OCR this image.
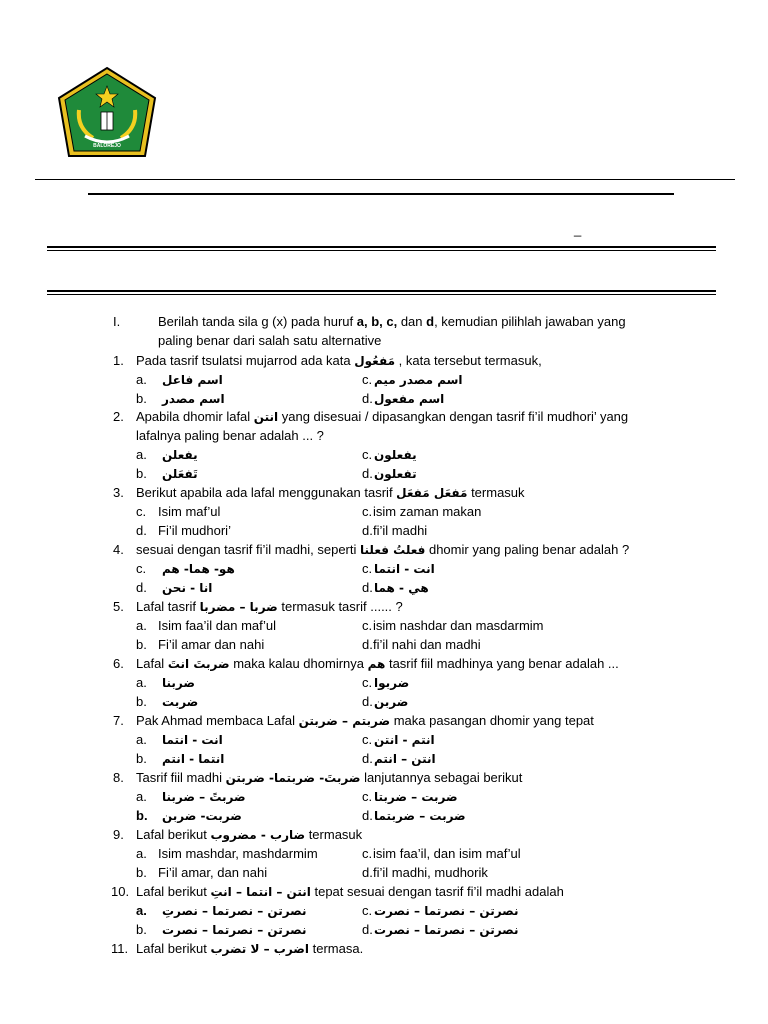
BALOREJO
_
I.	Berilah tanda sila g (x) pada huruf a, b, c, dan d, kemudian pilihlah jawaban yang
paling benar dari salah satu alternative
1. Pada tasrif tsulatsi mujarrod ada kata مَفعُول , kata tersebut termasuk,
a. اسم فاعل	c. اسم مصدر ميم
b. اسم مصدر	d. اسم مفعول
2. Apabila dhomir lafal انتن yang disesuai / dipasangkan dengan tasrif fi’il mudhori’ yang
lafalnya paling benar adalah ... ?
a. يفعلن	c. يفعلون
b. تَفعَلن	d. تفعلون
3. Berikut apabila ada lafal menggunakan tasrif مَفعَل مَفعَل termasuk
c. Isim maf’ul	c. isim zaman makan
d. Fi’il mudhori’	d. fi’il madhi
4. sesuai dengan tasrif fi’il madhi, seperti فعلتُ فعلنا dhomir yang paling benar adalah ?
c. هو- هما- هم	c. انت - انتما
d. انا - نحن	d. هي - هما
5. Lafal tasrif ضربا – مضربا termasuk tasrif ...... ?
a. Isim faa’il dan maf’ul	c. isim nashdar dan masdarmim
b. Fi’il amar dan nahi	d. fi’il nahi dan madhi
6. Lafal ضربتَ انتَ maka kalau dhomirnya هم tasrif fiil madhinya yang benar adalah ...
a. ضربنا	c. ضربوا
b. ضربت	d. ضربن
7. Pak Ahmad membaca Lafal ضربتم – ضربتن maka pasangan dhomir yang tepat
a. انت - انتما	c. انتم - انتن
b. انتما - انتم	d. انتن – انتم
8. Tasrif fiil madhi ضربتَ- ضربتما- ضربتن lanjutannya sebagai berikut
a. ضربتً – ضربنا	c. ضربت – ضربتا
b. ضربت- ضربن	d. ضربت – ضربتما
9. Lafal berikut ضارب - مضروب termasuk
a. Isim mashdar, mashdarmim	c. isim faa’il, dan isim maf’ul
b. Fi’il amar, dan nahi	d. fi’il madhi, mudhorik
10. Lafal berikut انتن – انتما – انتِ tepat sesuai dengan tasrif fi’il madhi adalah
a. نصرتن – نصرتما – نصرتِ	c. نصرتن – نصرتما – نصرت
b. نصرتن – نصرتما – نصرت	d. نصرتن – نصرتما – نصرت
11. Lafal berikut اضرب – لا تضرب termasa.
